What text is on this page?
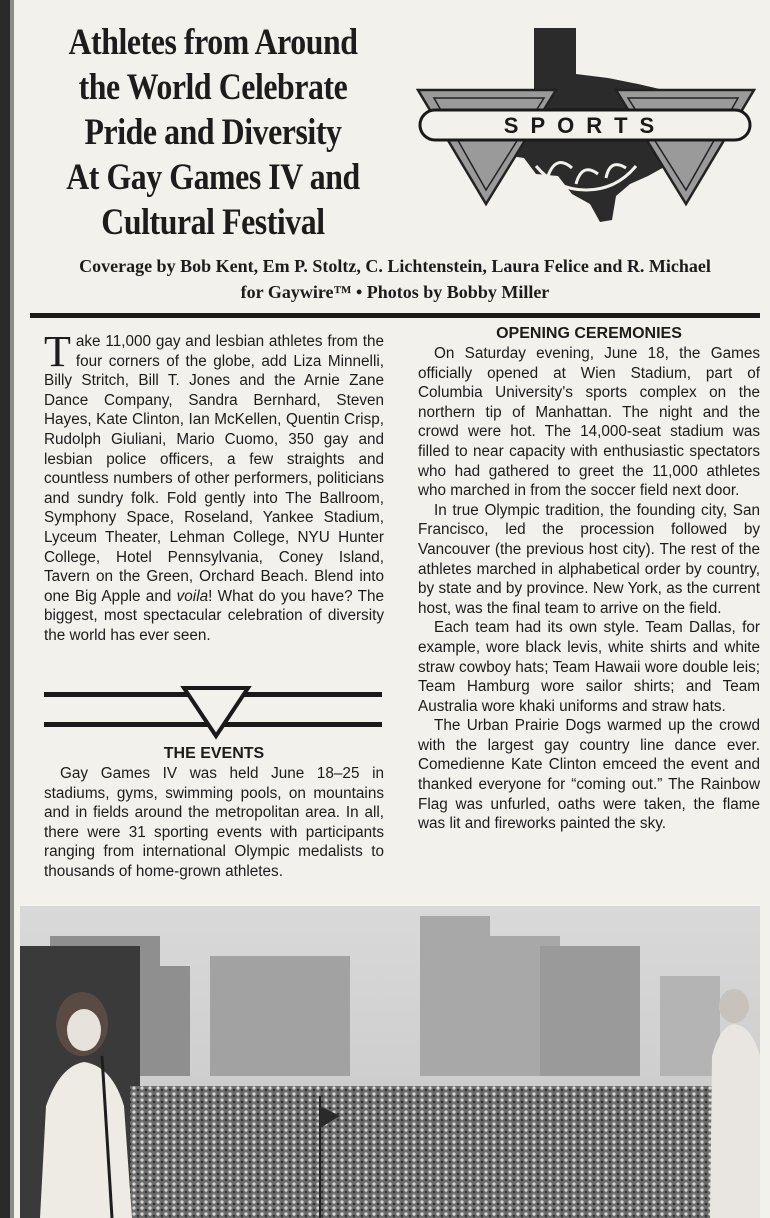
Athletes from Around
the World Celebrate
Pride and Diversity
At Gay Games IV and
Cultural Festival
SPORTS
Coverage by Bob Kent, Em P. Stoltz, C. Lichtenstein, Laura Felice and R. Michael
for Gaywire™ • Photos by Bobby Miller

Take 11,000 gay and lesbian athletes from the four corners of the globe, add Liza Minnelli, Billy Stritch, Bill T. Jones and the Arnie Zane Dance Company, Sandra Bernhard, Steven Hayes, Kate Clinton, Ian McKellen, Quentin Crisp, Rudolph Giuliani, Mario Cuomo, 350 gay and lesbian police officers, a few straights and countless numbers of other performers, politicians and sundry folk. Fold gently into The Ballroom, Symphony Space, Roseland, Yankee Stadium, Lyceum Theater, Lehman College, NYU Hunter College, Hotel Pennsylvania, Coney Island, Tavern on the Green, Orchard Beach. Blend into one Big Apple and voila! What do you have? The biggest, most spectacular celebration of diversity the world has ever seen.

THE EVENTS

Gay Games IV was held June 18–25 in stadiums, gyms, swimming pools, on mountains and in fields around the metropolitan area. In all, there were 31 sporting events with participants ranging from international Olympic medalists to thousands of home-grown athletes.

OPENING CEREMONIES

On Saturday evening, June 18, the Games officially opened at Wien Stadium, part of Columbia University's sports complex on the northern tip of Manhattan. The night and the crowd were hot. The 14,000-seat stadium was filled to near capacity with enthusiastic spectators who had gathered to greet the 11,000 athletes who marched in from the soccer field next door.

In true Olympic tradition, the founding city, San Francisco, led the procession followed by Vancouver (the previous host city). The rest of the athletes marched in alphabetical order by country, by state and by province. New York, as the current host, was the final team to arrive on the field.

Each team had its own style. Team Dallas, for example, wore black levis, white shirts and white straw cowboy hats; Team Hawaii wore double leis; Team Hamburg wore sailor shirts; and Team Australia wore khaki uniforms and straw hats.

The Urban Prairie Dogs warmed up the crowd with the largest gay country line dance ever. Comedienne Kate Clinton emceed the event and thanked everyone for “coming out.” The Rainbow Flag was unfurled, oaths were taken, the flame was lit and fireworks painted the sky.
